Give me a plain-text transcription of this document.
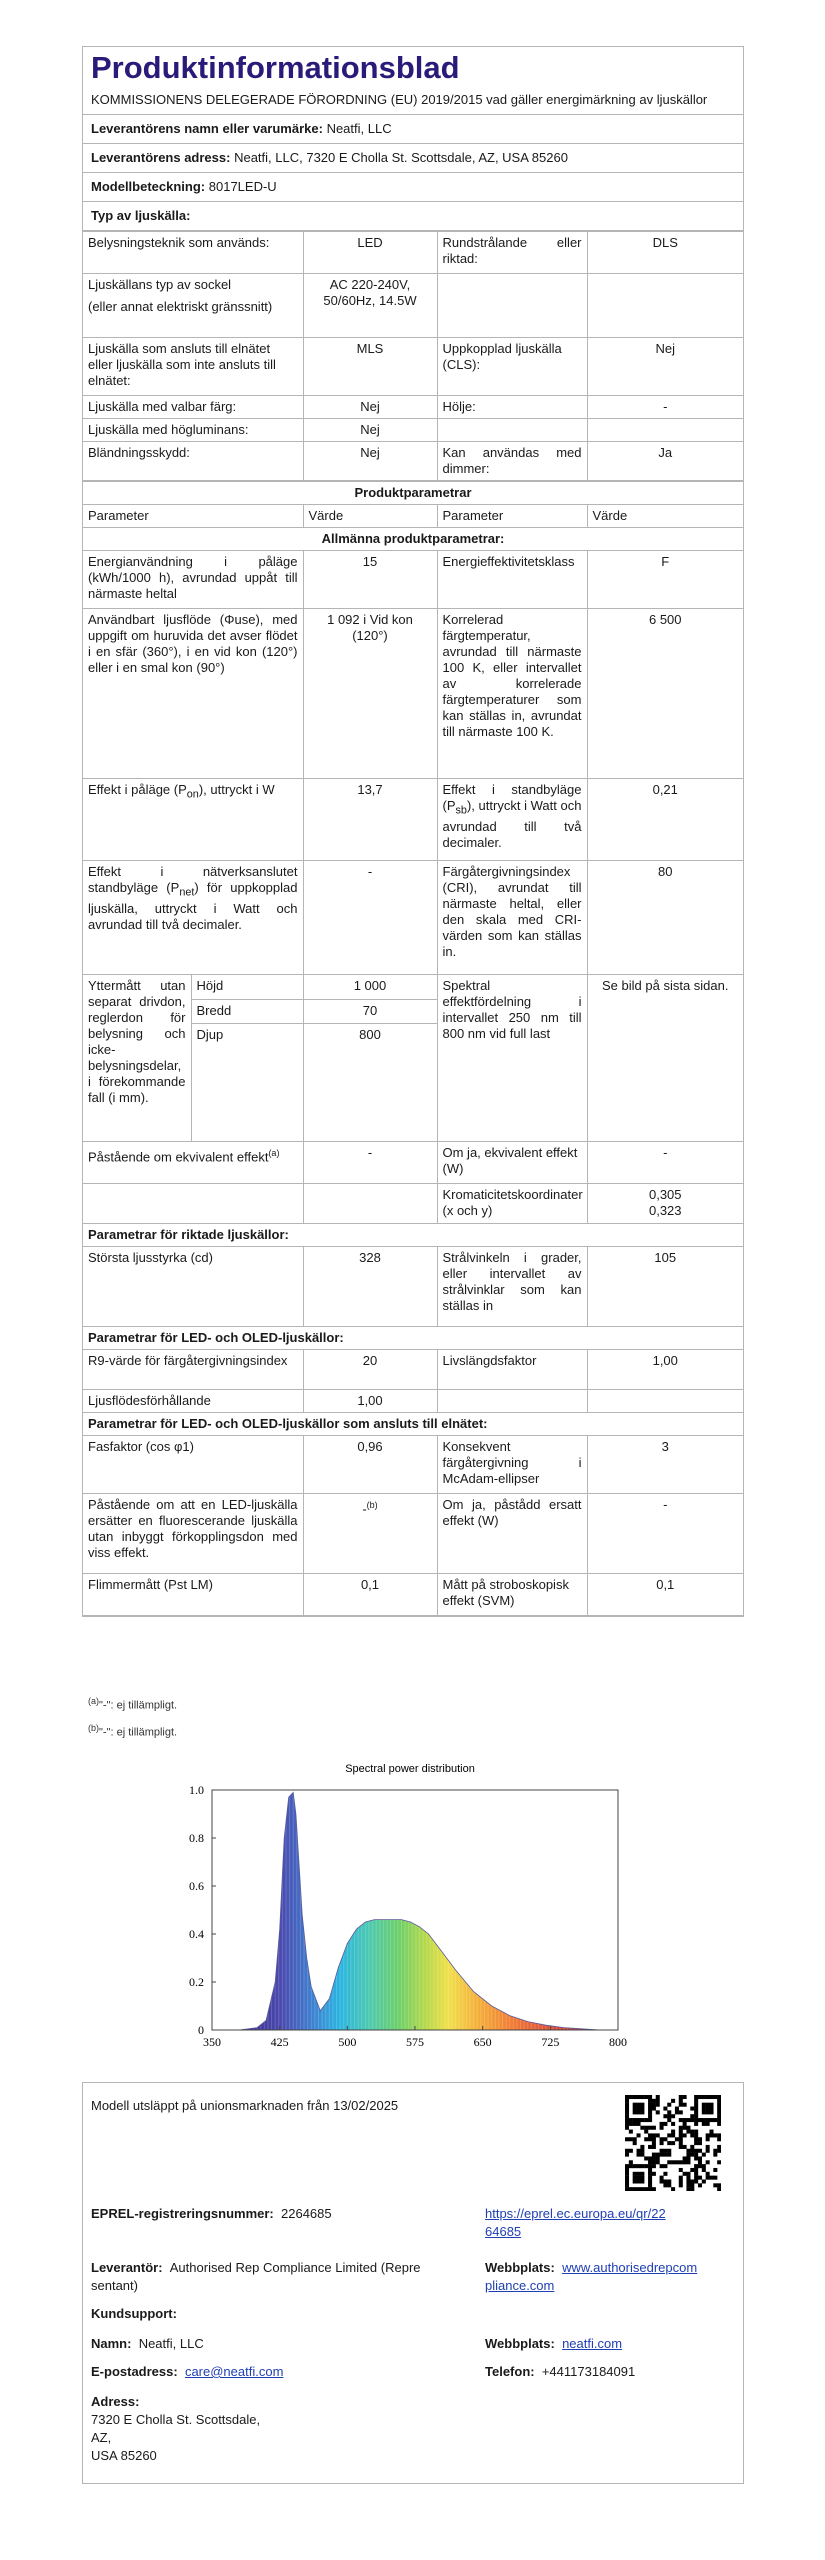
Produktinformationsblad
KOMMISSIONENS DELEGERADE FÖRORDNING (EU) 2019/2015 vad gäller energimärkning av ljuskällor
Leverantörens namn eller varumärke: Neatfi, LLC
Leverantörens adress: Neatfi, LLC, 7320 E Cholla St. Scottsdale, AZ, USA 85260
Modellbeteckning: 8017LED-U
Typ av ljuskälla:
Belysningsteknik som används:	LED	Rundstrålande eller riktad:	DLS

Ljuskällans typ av sockel
(eller annat elektriskt gränssnitt)	AC 220-240V, 50/60Hz, 14.5W		
Ljuskälla som ansluts till elnätet eller ljuskälla som inte ansluts till elnätet:	MLS	Uppkopplad ljuskälla (CLS):	Nej
Ljuskälla med valbar färg:	Nej	Hölje:	-
Ljuskälla med högluminans:	Nej		
Bländningsskydd:	Nej	Kan användas med dimmer:	Ja
Produktparametrar				
Parameter		Värde	Parameter	Värde
Allmänna produktparametrar:				
Energianvändning i påläge (kWh/1000 h), avrundad uppåt till närmaste heltal		15	Energieffektivitetsklass	F
Användbart ljusflöde (Φuse), med uppgift om huruvida det avser flödet i en sfär (360°), i en vid kon (120°) eller i en smal kon (90°)		1 092 i Vid kon (120°)	Korrelerad färgtemperatur, avrundad till närmaste 100 K, eller intervallet av korrelerade färgtemperaturer som kan ställas in, avrundat till närmaste 100 K.	6 500
Effekt i påläge $(P_{on})$, uttryckt i W		13,7	Effekt i standbyläge $(P_{sb})$, uttryckt i Watt och avrundad till två decimaler.	0,21
Effekt i nätverksanslutet standbyläge $(P_{net})$ för uppkopplad ljuskälla, uttryckt i Watt och avrundad till två decimaler.		-	Färgåtergivningsindex (CRI), avrundat till närmaste heltal, eller den skala med CRI-värden som kan ställas in.	80
Yttermått utan separat drivdon, reglerdon för belysning och icke-belysningsdelar, i förekommande fall (i mm).	Höjd	1 000	Spektral effektfördelning i intervallet 250 nm till 800 nm vid full last	Se bild på sista sidan.
	Bredd	70		
	Djup	800		
Påstående om ekvivalent effekt$^{(a)}$		-	Om ja, ekvivalent effekt (W)	-
			Kromaticitetskoordinater (x och y)	0,305
0,323

Parametrar för riktade ljuskällor:				
Största ljusstyrka (cd)		328	Strålvinkeln i grader, eller intervallet av strålvinklar som kan ställas in	105
Parametrar för LED- och OLED-ljuskällor:				
R9-värde för färgåtergivningsindex		20	Livslängdsfaktor	1,00
Ljusflödesförhållande		1,00		
Parametrar för LED- och OLED-ljuskällor som ansluts till elnätet:				
Fasfaktor (cos φ1)		0,96	Konsekvent färgåtergivning i McAdam-ellipser	3
Påstående om att en LED-ljuskälla ersätter en fluorescerande ljuskälla utan inbyggt förkopplingsdon med viss effekt.		-$^{(b)}$	Om ja, påstådd ersatt effekt (W)	-
Flimmermått (Pst LM)		0,1	Mått på stroboskopisk effekt (SVM)	0,1
$^{(a)}$"-": ej tillämpligt.
$^{(b)}$"-": ej tillämpligt.
Spectral power distribution
350	425	500	575	650	725	800
0
0.2
0.4
0.6
0.8
1.0
Modell utsläppt på unionsmarknaden från 13/02/2025
EPREL-registreringsnummer: 2264685	https://eprel.ec.europa.eu/qr/22
64685
Leverantör: Authorised Rep Compliance Limited (Repre
sentant)
Webbplats: www.authorisedrepcom
pliance.com
Kundsupport:
Namn: Neatfi, LLC	Webbplats: neatfi.com
E-postadress: care@neatfi.com	Telefon: +441173184091
Adress:
7320 E Cholla St. Scottsdale,
AZ,
USA 85260
